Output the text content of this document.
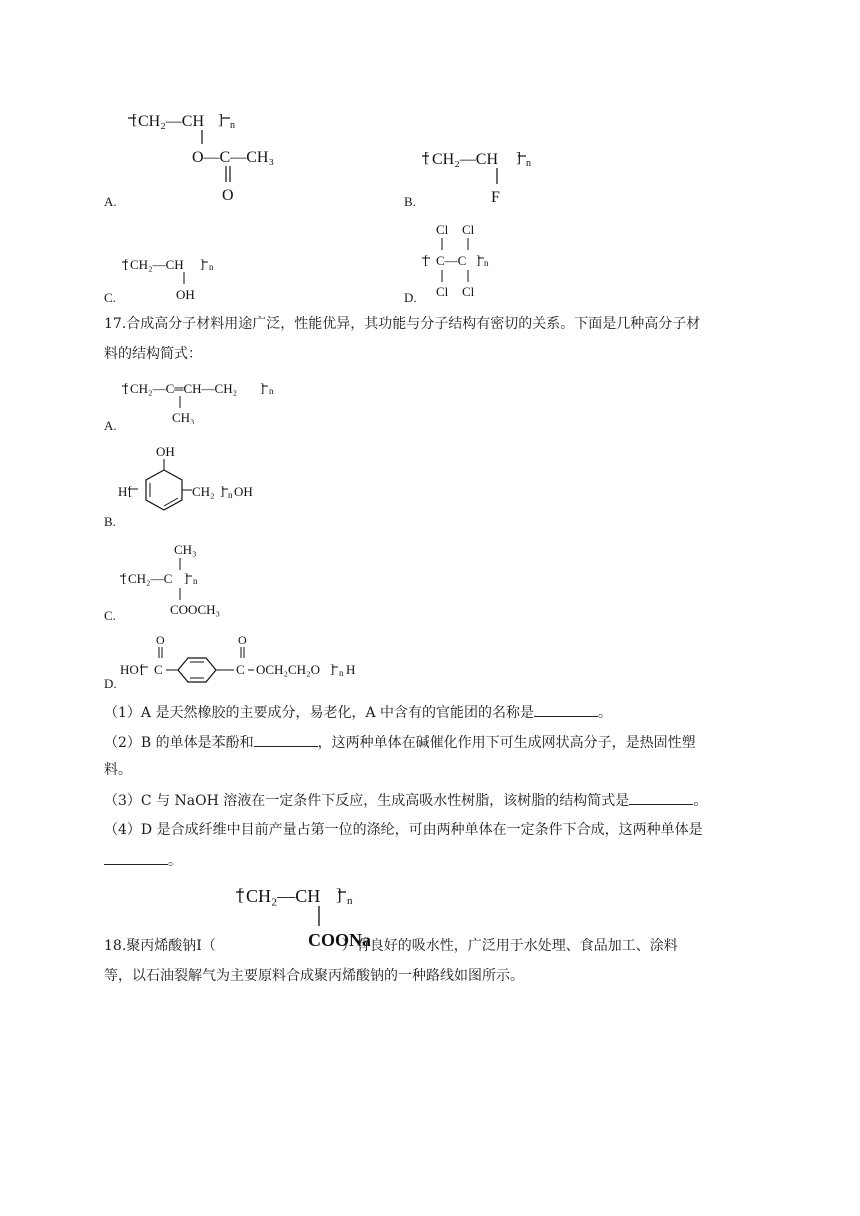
[ CH₂—CH ] n
O—C—CH₃
O
A.
[ CH₂—CH ] n
F
B.
[ CH₂—CH ] n
OH
C.
Cl Cl
[ C—C ] n
Cl Cl
D.
17.合成高分子材料用途广泛，性能优异，其功能与分子结构有密切的关系。下面是几种高分子材
料的结构简式：
[ CH₂—C═CH—CH₂ ] n
CH₃
A.
OH
H [	CH₂ ] n OH
B.
CH₃
[ CH₂—C ] n
COOCH₃
C.
O	O
HO [ C	C OCH₂CH₂O ] n H
D.
（1）A 是天然橡胶的主要成分，易老化，A 中含有的官能团的名称是	。
（2）B 的单体是苯酚和	，这两种单体在碱催化作用下可生成网状高分子，是热固性塑
料。
（3）C 与 NaOH 溶液在一定条件下反应，生成高吸水性树脂，该树脂的结构简式是	。
（4）D 是合成纤维中目前产量占第一位的涤纶，可由两种单体在一定条件下合成，这两种单体是
。
[ CH₂—CH ] n
COONa
18.聚丙烯酸钠Ⅰ（	）有良好的吸水性，广泛用于水处理、食品加工、涂料
等，以石油裂解气为主要原料合成聚丙烯酸钠的一种路线如图所示。
